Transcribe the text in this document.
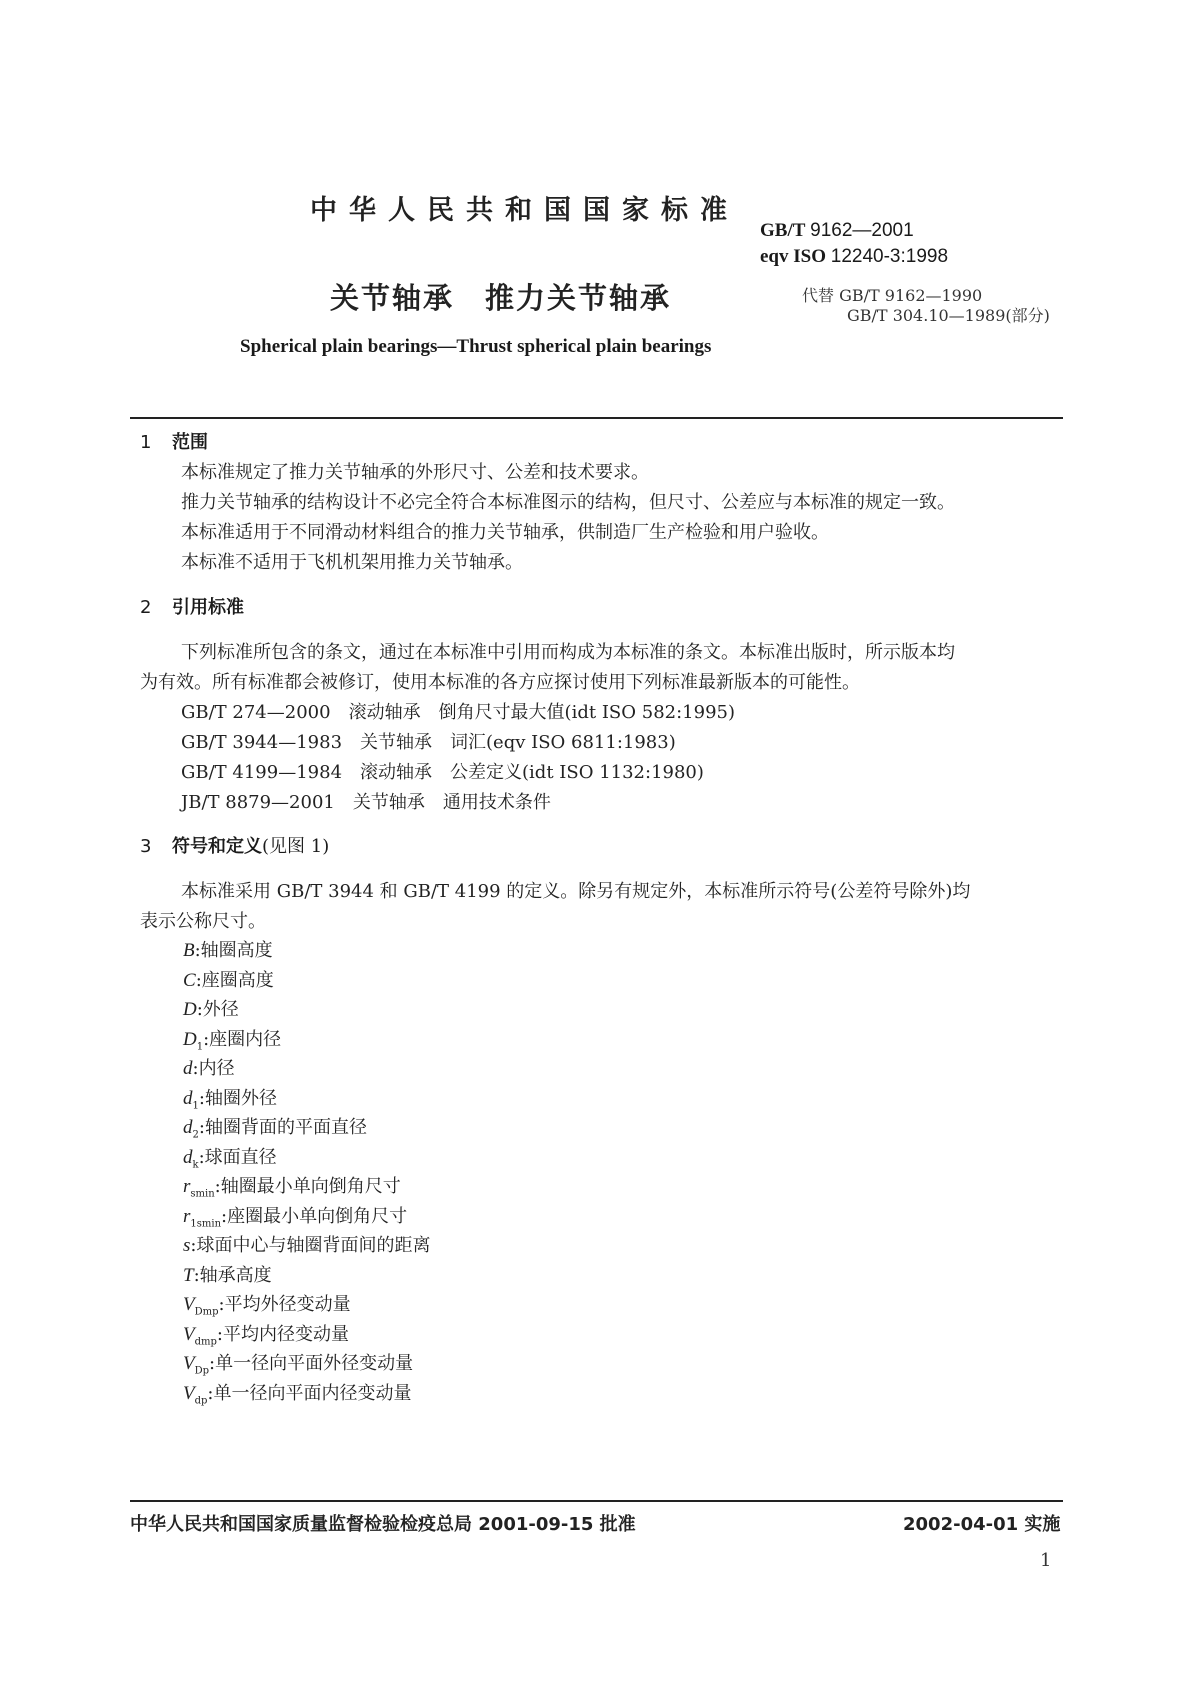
中华人民共和国国家标准
GB/T 9162—2001
eqv ISO 12240-3:1998
关节轴承　推力关节轴承	代替 GB/T 9162—1990
GB/T 304.10—1989(部分)
Spherical plain bearings—Thrust spherical plain bearings
1 范围
本标准规定了推力关节轴承的外形尺寸、公差和技术要求。
推力关节轴承的结构设计不必完全符合本标准图示的结构，但尺寸、公差应与本标准的规定一致。
本标准适用于不同滑动材料组合的推力关节轴承，供制造厂生产检验和用户验收。
本标准不适用于飞机机架用推力关节轴承。
2 引用标准
下列标准所包含的条文，通过在本标准中引用而构成为本标准的条文。本标准出版时，所示版本均
为有效。所有标准都会被修订，使用本标准的各方应探讨使用下列标准最新版本的可能性。
GB/T 274—2000　滚动轴承　倒角尺寸最大值(idt ISO 582:1995)
GB/T 3944—1983　关节轴承　词汇(eqv ISO 6811:1983)
GB/T 4199—1984　滚动轴承　公差定义(idt ISO 1132:1980)
JB/T 8879—2001　关节轴承　通用技术条件
3 符号和定义(见图 1)
本标准采用 GB/T 3944 和 GB/T 4199 的定义。除另有规定外，本标准所示符号(公差符号除外)均
表示公称尺寸。
B:轴圈高度
C:座圈高度
D:外径
$D_1$:座圈内径
d:内径
$d_1$:轴圈外径
$d_2$:轴圈背面的平面直径
$d_k$:球面直径
$r_{smin}$:轴圈最小单向倒角尺寸
$r_{1smin}$:座圈最小单向倒角尺寸
s:球面中心与轴圈背面间的距离
T:轴承高度
$V_{Dmp}$:平均外径变动量
$V_{dmp}$:平均内径变动量
$V_{Dp}$:单一径向平面外径变动量
$V_{dp}$:单一径向平面内径变动量
中华人民共和国国家质量监督检验检疫总局 2001-09-15 批准	2002-04-01 实施
1
